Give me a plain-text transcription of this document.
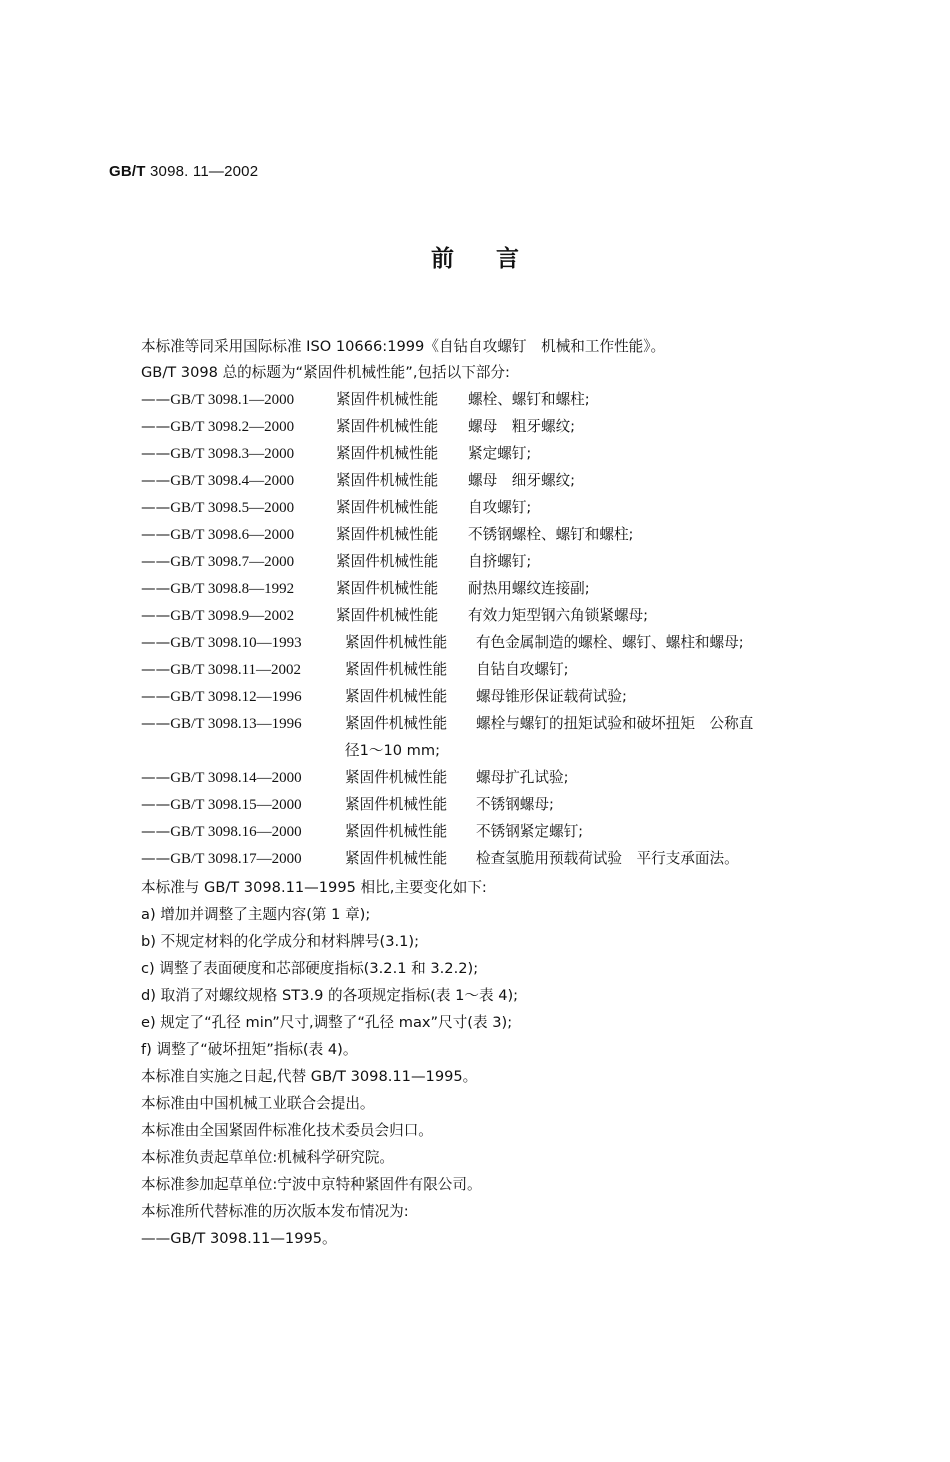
GB/T 3098. 11—2002
前言
本标准等同采用国际标准 ISO 10666:1999《自钻自攻螺钉　机械和工作性能》。
GB/T 3098 总的标题为“紧固件机械性能”,包括以下部分:
——GB/T 3098.1—2000	紧固件机械性能 螺栓、螺钉和螺柱;
——GB/T 3098.2—2000	紧固件机械性能 螺母　粗牙螺纹;
——GB/T 3098.3—2000	紧固件机械性能 紧定螺钉;
——GB/T 3098.4—2000	紧固件机械性能 螺母　细牙螺纹;
——GB/T 3098.5—2000	紧固件机械性能 自攻螺钉;
——GB/T 3098.6—2000	紧固件机械性能 不锈钢螺栓、螺钉和螺柱;
——GB/T 3098.7—2000	紧固件机械性能 自挤螺钉;
——GB/T 3098.8—1992	紧固件机械性能 耐热用螺纹连接副;
——GB/T 3098.9—2002	紧固件机械性能 有效力矩型钢六角锁紧螺母;
——GB/T 3098.10—1993	紧固件机械性能 有色金属制造的螺栓、螺钉、螺柱和螺母;
——GB/T 3098.11—2002	紧固件机械性能 自钻自攻螺钉;
——GB/T 3098.12—1996	紧固件机械性能 螺母锥形保证载荷试验;
——GB/T 3098.13—1996	紧固件机械性能 螺栓与螺钉的扭矩试验和破坏扭矩　公称直
径1～10 mm;
——GB/T 3098.14—2000	紧固件机械性能 螺母扩孔试验;
——GB/T 3098.15—2000	紧固件机械性能 不锈钢螺母;
——GB/T 3098.16—2000	紧固件机械性能 不锈钢紧定螺钉;
——GB/T 3098.17—2000	紧固件机械性能 检查氢脆用预载荷试验　平行支承面法。
本标准与 GB/T 3098.11—1995 相比,主要变化如下:
a) 增加并调整了主题内容(第 1 章);
b) 不规定材料的化学成分和材料牌号(3.1);
c) 调整了表面硬度和芯部硬度指标(3.2.1 和 3.2.2);
d) 取消了对螺纹规格 ST3.9 的各项规定指标(表 1～表 4);
e) 规定了“孔径 min”尺寸,调整了“孔径 max”尺寸(表 3);
f) 调整了“破坏扭矩”指标(表 4)。
本标准自实施之日起,代替 GB/T 3098.11—1995。
本标准由中国机械工业联合会提出。
本标准由全国紧固件标准化技术委员会归口。
本标准负责起草单位:机械科学研究院。
本标准参加起草单位:宁波中京特种紧固件有限公司。
本标准所代替标准的历次版本发布情况为:
——GB/T 3098.11—1995。
